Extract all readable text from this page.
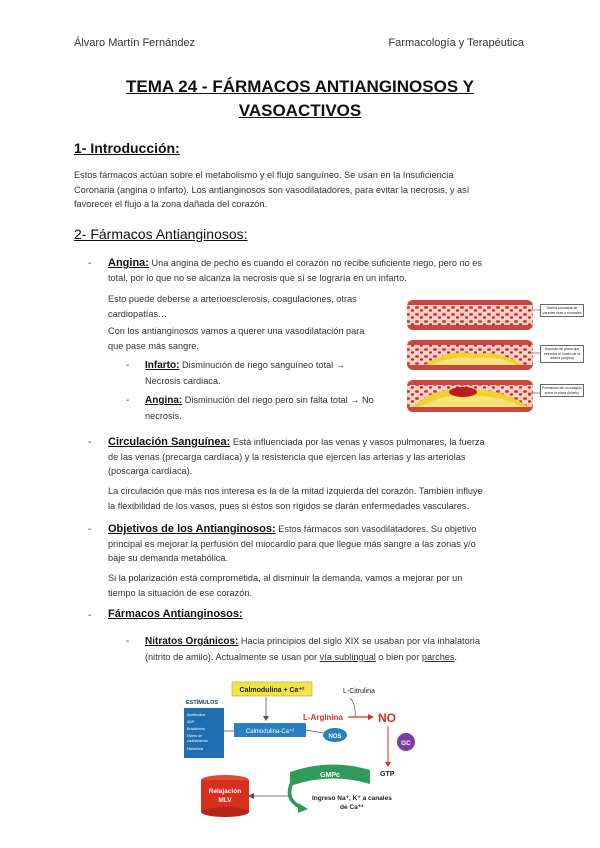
Álvaro Martín Fernández	Farmacología y Terapéutica
TEMA 24 - FÁRMACOS ANTIANGINOSOS Y
VASOACTIVOS
1- Introducción:
Estos fármacos actúan sobre el metabolismo y el flujo sanguíneo. Se usan en la Insuficiencia
Coronaria (angina o infarto). Los antianginosos son vasodilatadores, para evitar la necrosis, y así
favorecer el flujo a la zona dañada del corazón.
2- Fármacos Antianginosos:
- Angina: Una angina de pecho es cuando el corazón no recibe suficiente riego, pero no es
total, por lo que no se alcanza la necrosis que sí se lograría en un infarto.
Esto puede deberse a arterioesclerosis, coagulaciones, otras
cardiopatías…
Con los antianginosos vamos a querer una vasodilatación para
que pase más sangre.
- Infarto: Disminución de riego sanguíneo total →
Necrosis cardiaca.
- Angina: Disminución del riego pero sin falta total → No
necrosis.
Arteria coronaria de paredes lisas y normales
Depósito de placa que estrecha el lumen de la arteria (angina)
Formación de un coágulo sobre la placa (infarto)
- Circulación Sanguínea: Está influenciada por las venas y vasos pulmonares, la fuerza
de las venas (precarga cardíaca) y la resistencia que ejercen las arterias y las arteriolas
(poscarga cardíaca).
La circulación que más nos interesa es la de la mitad izquierda del corazón. También influye
la flexibilidad de los vasos, pues si éstos son rígidos se darán enfermedades vasculares.
- Objetivos de los Antianginosos: Estos fármacos son vasodilatadores. Su objetivo
principal es mejorar la perfusión del miocardio para que llegue más sangre a las zonas y/o
baje su demanda metabólica.
Si la polarización está comprometida, al disminuir la demanda, vamos a mejorar por un
tiempo la situación de ese corazón.
- Fármacos Antianginosos:
- Nitratos Orgánicos: Hacia principios del siglo XIX se usaban por vía inhalatoria
(nitrito de amilo). Actualmente se usan por vía sublingual o bien por parches.
Calmodulina + Ca⁺²	L-Citrulina
ESTÍMULOS
Acetilcolina
ADP
Bradicinina
Estrés de
cizallamiento
Histamina
Calmodulina-Ca⁺²
L-Arginina	NO
NOS
GC
GMPc	GTP
Ingreso Na⁺, K⁺ a canales
de Ca⁺²
Relajación
MLV
